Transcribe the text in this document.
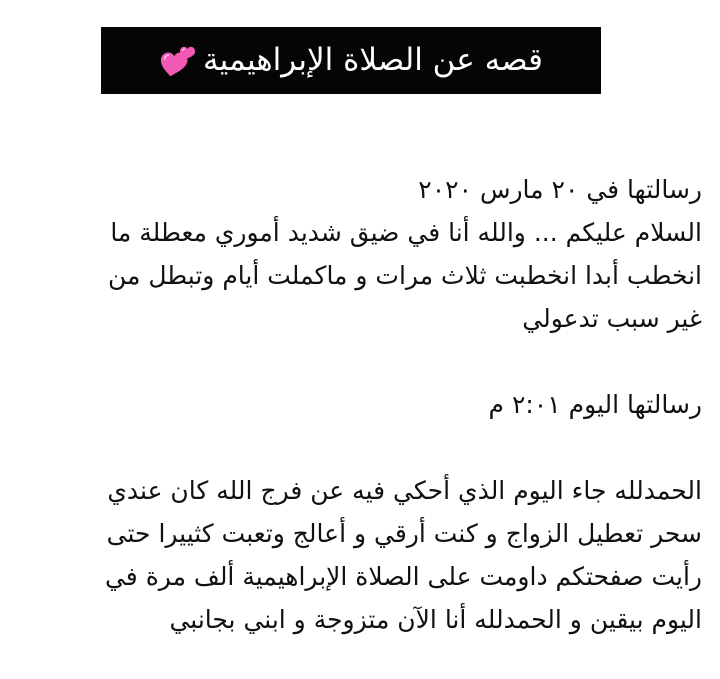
قصه عن الصلاة الإبراهيمية
رسالتها في ٢٠ مارس ٢٠٢٠
السلام عليكم ... والله أنا في ضيق شديد أموري معطلة ما
انخطب أبدا انخطبت ثلاث مرات و ماكملت أيام وتبطل من
غير سبب تدعولي
رسالتها اليوم ٢:٠١ م
الحمدلله جاء اليوم الذي أحكي فيه عن فرج الله كان عندي
سحر تعطيل الزواج و كنت أرقي و أعالج وتعبت كثييرا حتى
رأيت صفحتكم داومت على الصلاة الإبراهيمية ألف مرة في
اليوم بيقين و الحمدلله أنا الآن متزوجة و ابني بجانبي
